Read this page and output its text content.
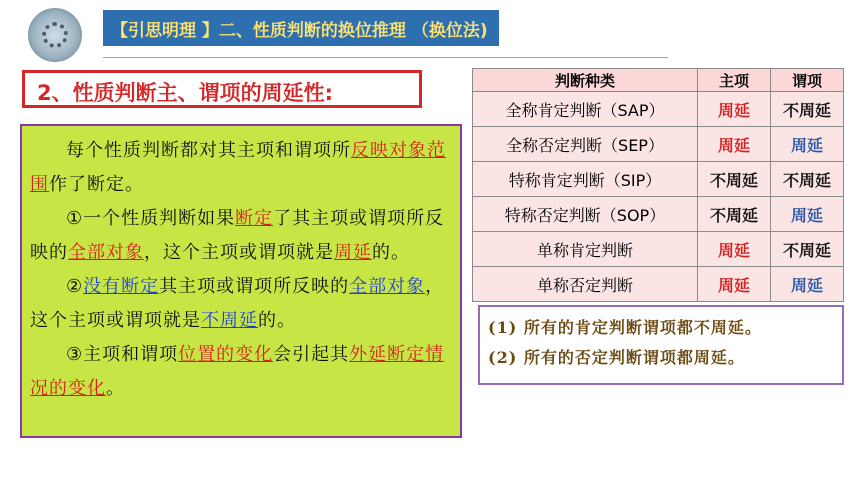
【引思明理 】二、性质判断的换位推理 （换位法)
2、性质判断主、谓项的周延性:

每个性质判断都对其主项和谓项所反映对象范围作了断定。

①一个性质判断如果断定了其主项或谓项所反映的全部对象，这个主项或谓项就是周延的。

②没有断定其主项或谓项所反映的全部对象，这个主项或谓项就是不周延的。

③主项和谓项位置的变化会引起其外延断定情况的变化。

判断种类	主项	谓项
全称肯定判断（SAP）	周延	不周延
全称否定判断（SEP）	周延	周延
特称肯定判断（SIP）	不周延	不周延
特称否定判断（SOP）	不周延	周延
单称肯定判断	周延	不周延
单称否定判断	周延	周延
(1) 所有的肯定判断谓项都不周延。
(2) 所有的否定判断谓项都周延。
